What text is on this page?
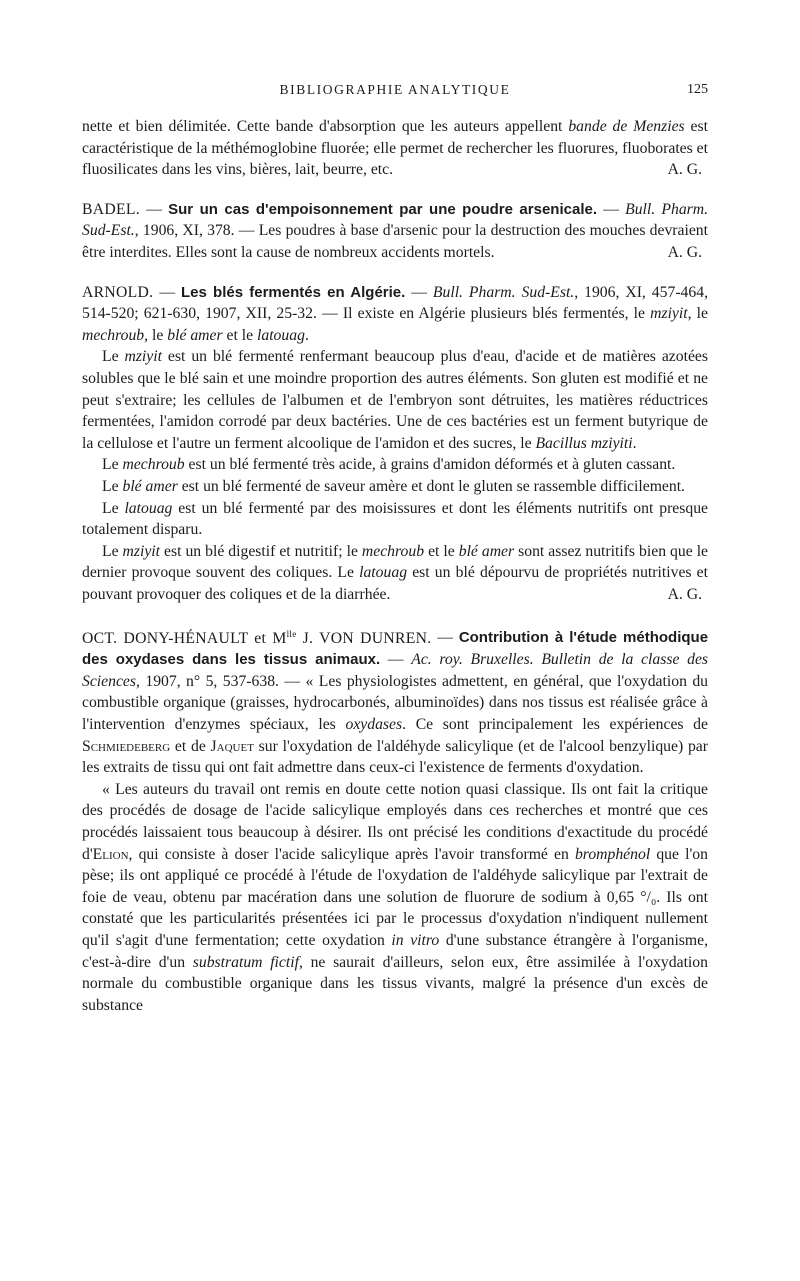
BIBLIOGRAPHIE ANALYTIQUE	125

nette et bien délimitée. Cette bande d'absorption que les auteurs appellent bande de Menzies est caractéristique de la méthémoglobine fluorée; elle permet de rechercher les fluorures, fluoborates et fluosilicates dans les vins, bières, lait, beurre, etc.	A. G.

BADEL. — Sur un cas d'empoisonnement par une poudre arsenicale. — Bull. Pharm. Sud-Est., 1906, XI, 378. — Les poudres à base d'arsenic pour la destruction des mouches devraient être interdites. Elles sont la cause de nombreux accidents mortels.	A. G.

ARNOLD. — Les blés fermentés en Algérie. — Bull. Pharm. Sud-Est., 1906, XI, 457-464, 514-520; 621-630, 1907, XII, 25-32. — Il existe en Algérie plusieurs blés fermentés, le mziyit, le mechroub, le blé amer et le latouag.

Le mziyit est un blé fermenté renfermant beaucoup plus d'eau, d'acide et de matières azotées solubles que le blé sain et une moindre proportion des autres éléments. Son gluten est modifié et ne peut s'extraire; les cellules de l'albumen et de l'embryon sont détruites, les matières réductrices fermentées, l'amidon corrodé par deux bactéries. Une de ces bactéries est un ferment butyrique de la cellulose et l'autre un ferment alcoolique de l'amidon et des sucres, le Bacillus mziyiti.

Le mechroub est un blé fermenté très acide, à grains d'amidon déformés et à gluten cassant.

Le blé amer est un blé fermenté de saveur amère et dont le gluten se rassemble difficilement.

Le latouag est un blé fermenté par des moisissures et dont les éléments nutritifs ont presque totalement disparu.

Le mziyit est un blé digestif et nutritif; le mechroub et le blé amer sont assez nutritifs bien que le dernier provoque souvent des coliques. Le latouag est un blé dépourvu de propriétés nutritives et pouvant provoquer des coliques et de la diarrhée.	A. G.

OCT. DONY-HÉNAULT et $M^{lle}$ J. VON DUNREN. — Contribution à l'étude méthodique des oxydases dans les tissus animaux. — Ac. roy. Bruxelles. Bulletin de la classe des Sciences, 1907, n° 5, 537-638. — « Les physiologistes admettent, en général, que l'oxydation du combustible organique (graisses, hydrocarbonés, albuminoïdes) dans nos tissus est réalisée grâce à l'intervention d'enzymes spéciaux, les oxydases. Ce sont principalement les expériences de Schmiedeberg et de Jaquet sur l'oxydation de l'aldéhyde salicylique (et de l'alcool benzylique) par les extraits de tissu qui ont fait admettre dans ceux-ci l'existence de ferments d'oxydation.

« Les auteurs du travail ont remis en doute cette notion quasi classique. Ils ont fait la critique des procédés de dosage de l'acide salicylique employés dans ces recherches et montré que ces procédés laissaient tous beaucoup à désirer. Ils ont précisé les conditions d'exactitude du procédé d'Elion, qui consiste à doser l'acide salicylique après l'avoir transformé en bromphénol que l'on pèse; ils ont appliqué ce procédé à l'étude de l'oxydation de l'aldéhyde salicylique par l'extrait de foie de veau, obtenu par macération dans une solution de fluorure de sodium à 0,65 °/₀. Ils ont constaté que les particularités présentées ici par le processus d'oxydation n'indiquent nullement qu'il s'agit d'une fermentation; cette oxydation in vitro d'une substance étrangère à l'organisme, c'est-à-dire d'un substratum fictif, ne saurait d'ailleurs, selon eux, être assimilée à l'oxydation normale du combustible organique dans les tissus vivants, malgré la présence d'un excès de substance
